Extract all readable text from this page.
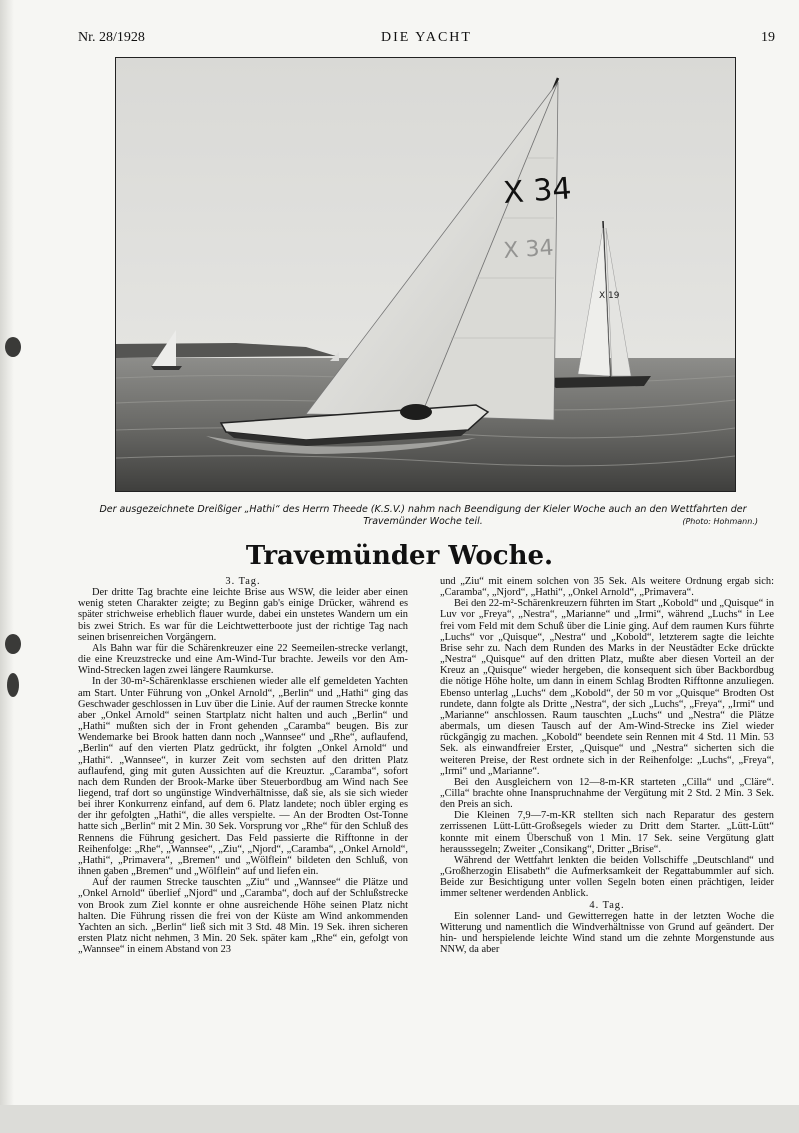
Nr. 28/1928	DIE YACHT	19
X 19
X 34
X 34
Der ausgezeichnete Dreißiger „Hathi“ des Herrn Theede (K.S.V.) nahm nach Beendigung der Kieler Woche auch an den Wettfahrten der Travemünder Woche teil.	(Photo: Hohmann.)
Travemünder Woche.

3. Tag.

Der dritte Tag brachte eine leichte Brise aus WSW, die leider aber einen wenig steten Charakter zeigte; zu Beginn gab's einige Drücker, während es später strichweise erheblich flauer wurde, dabei ein unstetes Wandern um ein bis zwei Strich. Es war für die Leichtwetterboote just der richtige Tag nach seinen brisenreichen Vorgängern.

Als Bahn war für die Schärenkreuzer eine 22 Seemeilen-strecke verlangt, die eine Kreuzstrecke und eine Am-Wind-Tur brachte. Jeweils vor den Am-Wind-Strecken lagen zwei längere Raumkurse.

In der 30-m²-Schärenklasse erschienen wieder alle elf gemeldeten Yachten am Start. Unter Führung von „Onkel Arnold“, „Berlin“ und „Hathi“ ging das Geschwader geschlossen in Luv über die Linie. Auf der raumen Strecke konnte aber „Onkel Arnold“ seinen Startplatz nicht halten und auch „Berlin“ und „Hathi“ mußten sich der in Front gehenden „Caramba“ beugen. Bis zur Wendemarke bei Brook hatten dann noch „Wannsee“ und „Rhe“, auflaufend, „Berlin“ auf den vierten Platz gedrückt, ihr folgten „Onkel Arnold“ und „Hathi“. „Wannsee“, in kurzer Zeit vom sechsten auf den dritten Platz auflaufend, ging mit guten Aussichten auf die Kreuztur. „Caramba“, sofort nach dem Runden der Brook-Marke über Steuerbordbug am Wind nach See liegend, traf dort so ungünstige Windverhältnisse, daß sie, als sie sich wieder bei ihrer Konkurrenz einfand, auf dem 6. Platz landete; noch übler erging es der ihr gefolgten „Hathi“, die alles verspielte. — An der Brodten Ost-Tonne hatte sich „Berlin“ mit 2 Min. 30 Sek. Vorsprung vor „Rhe“ für den Schluß des Rennens die Führung gesichert. Das Feld passierte die Rifftonne in der Reihenfolge: „Rhe“, „Wannsee“, „Ziu“, „Njord“, „Caramba“, „Onkel Arnold“, „Hathi“, „Primavera“, „Bremen“ und „Wölflein“ bildeten den Schluß, von ihnen gaben „Bremen“ und „Wölflein“ auf und liefen ein.

Auf der raumen Strecke tauschten „Ziu“ und „Wannsee“ die Plätze und „Onkel Arnold“ überlief „Njord“ und „Caramba“, doch auf der Schlußstrecke von Brook zum Ziel konnte er ohne ausreichende Höhe seinen Platz nicht halten. Die Führung rissen die frei von der Küste am Wind ankommenden Yachten an sich. „Berlin“ ließ sich mit 3 Std. 48 Min. 19 Sek. ihren sicheren ersten Platz nicht nehmen, 3 Min. 20 Sek. später kam „Rhe“ ein, gefolgt von „Wannsee“ in einem Abstand von 23

und „Ziu“ mit einem solchen von 35 Sek. Als weitere Ordnung ergab sich: „Caramba“, „Njord“, „Hathi“, „Onkel Arnold“, „Primavera“.

Bei den 22-m²-Schärenkreuzern führten im Start „Kobold“ und „Quisque“ in Luv vor „Freya“, „Nestra“, „Marianne“ und „Irmi“, während „Luchs“ in Lee frei vom Feld mit dem Schuß über die Linie ging. Auf dem raumen Kurs führte „Luchs“ vor „Quisque“, „Nestra“ und „Kobold“, letzterem sagte die leichte Brise sehr zu. Nach dem Runden des Marks in der Neustädter Ecke drückte „Nestra“ „Quisque“ auf den dritten Platz, mußte aber diesen Vorteil an der Kreuz an „Quisque“ wieder hergeben, die konsequent sich über Backbordbug die nötige Höhe holte, um dann in einem Schlag Brodten Rifftonne anzuliegen. Ebenso unterlag „Luchs“ dem „Kobold“, der 50 m vor „Quisque“ Brodten Ost rundete, dann folgte als Dritte „Nestra“, der sich „Luchs“, „Freya“, „Irmi“ und „Marianne“ anschlossen. Raum tauschten „Luchs“ und „Nestra“ die Plätze abermals, um diesen Tausch auf der Am-Wind-Strecke ins Ziel wieder rückgängig zu machen. „Kobold“ beendete sein Rennen mit 4 Std. 11 Min. 53 Sek. als einwandfreier Erster, „Quisque“ und „Nestra“ sicherten sich die weiteren Preise, der Rest ordnete sich in der Reihenfolge: „Luchs“, „Freya“, „Irmi“ und „Marianne“.

Bei den Ausgleichern von 12—8-m-KR starteten „Cilla“ und „Cläre“. „Cilla“ brachte ohne Inanspruchnahme der Vergütung mit 2 Std. 2 Min. 3 Sek. den Preis an sich.

Die Kleinen 7,9—7-m-KR stellten sich nach Reparatur des gestern zerrissenen Lütt-Lütt-Großsegels wieder zu Dritt dem Starter. „Lütt-Lütt“ konnte mit einem Überschuß von 1 Min. 17 Sek. seine Vergütung glatt herausssegeln; Zweiter „Consikang“, Dritter „Brise“.

Während der Wettfahrt lenkten die beiden Vollschiffe „Deutschland“ und „Großherzogin Elisabeth“ die Aufmerksamkeit der Regattabummler auf sich. Beide zur Besichtigung unter vollen Segeln boten einen prächtigen, leider immer seltener werdenden Anblick.

4. Tag.

Ein solenner Land- und Gewitterregen hatte in der letzten Woche die Witterung und namentlich die Windverhältnisse von Grund auf geändert. Der hin- und herspielende leichte Wind stand um die zehnte Morgenstunde aus NNW, da aber
